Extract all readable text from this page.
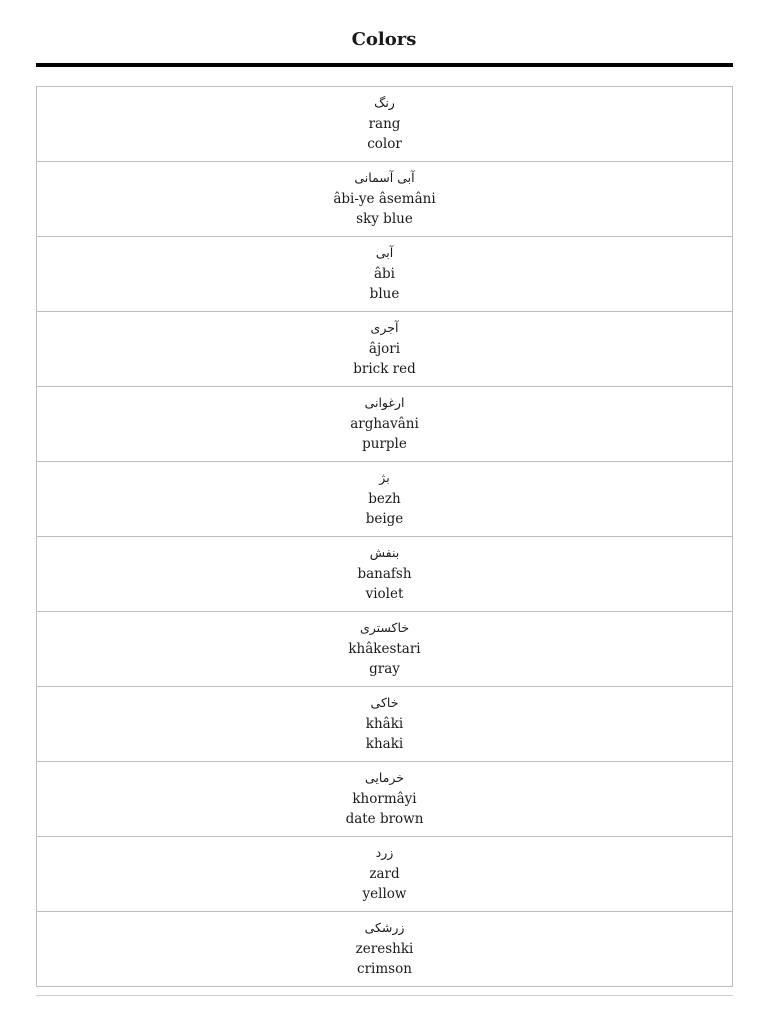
Colors
رنگ
rang
color
آبی آسمانی
âbi-ye âsemâni
sky blue
آبی
âbi
blue
آجری
âjori
brick red
ارغوانی
arghavâni
purple
بژ
bezh
beige
بنفش
banafsh
violet
خاکستری
khâkestari
gray
خاکی
khâki
khaki
خرمایی
khormâyi
date brown
زرد
zard
yellow
زرشکی
zereshki
crimson
